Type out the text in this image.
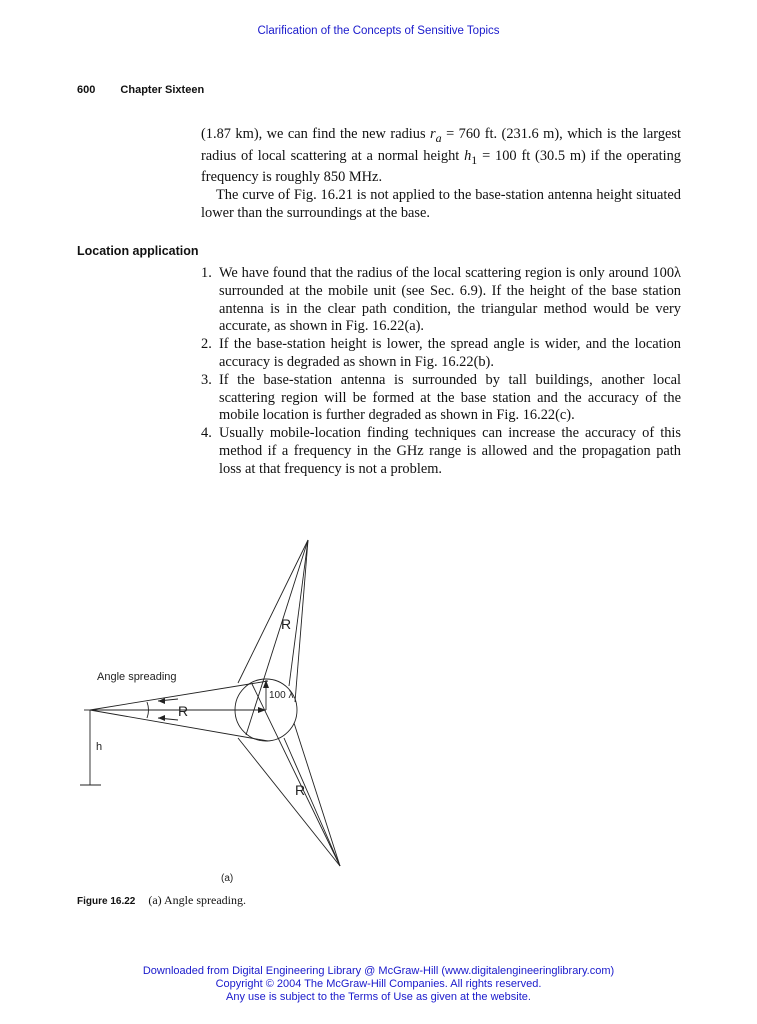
Clarification of the Concepts of Sensitive Topics
600 Chapter Sixteen

(1.87 km), we can find the new radius $r_a = 760$ ft. (231.6 m), which is the largest radius of local scattering at a normal height $h_1 = 100$ ft (30.5 m) if the operating frequency is roughly 850 MHz.

The curve of Fig. 16.21 is not applied to the base-station antenna height situated lower than the surroundings at the base.

Location application
1. We have found that the radius of the local scattering region is only around 100λ surrounded at the mobile unit (see Sec. 6.9). If the height of the base station antenna is in the clear path condition, the triangular method would be very accurate, as shown in Fig. 16.22(a).
2. If the base-station height is lower, the spread angle is wider, and the location accuracy is degraded as shown in Fig. 16.22(b).
3. If the base-station antenna is surrounded by tall buildings, another local scattering region will be formed at the base station and the accuracy of the mobile location is further degraded as shown in Fig. 16.22(c).
4. Usually mobile-location finding techniques can increase the accuracy of this method if a frequency in the GHz range is allowed and the propagation path loss at that frequency is not a problem.
Angle spreading
R
R
R
100 λ
h
(a)
Figure 16.22 (a) Angle spreading.
Downloaded from Digital Engineering Library @ McGraw-Hill (www.digitalengineeringlibrary.com)
Copyright © 2004 The McGraw-Hill Companies. All rights reserved.
Any use is subject to the Terms of Use as given at the website.
